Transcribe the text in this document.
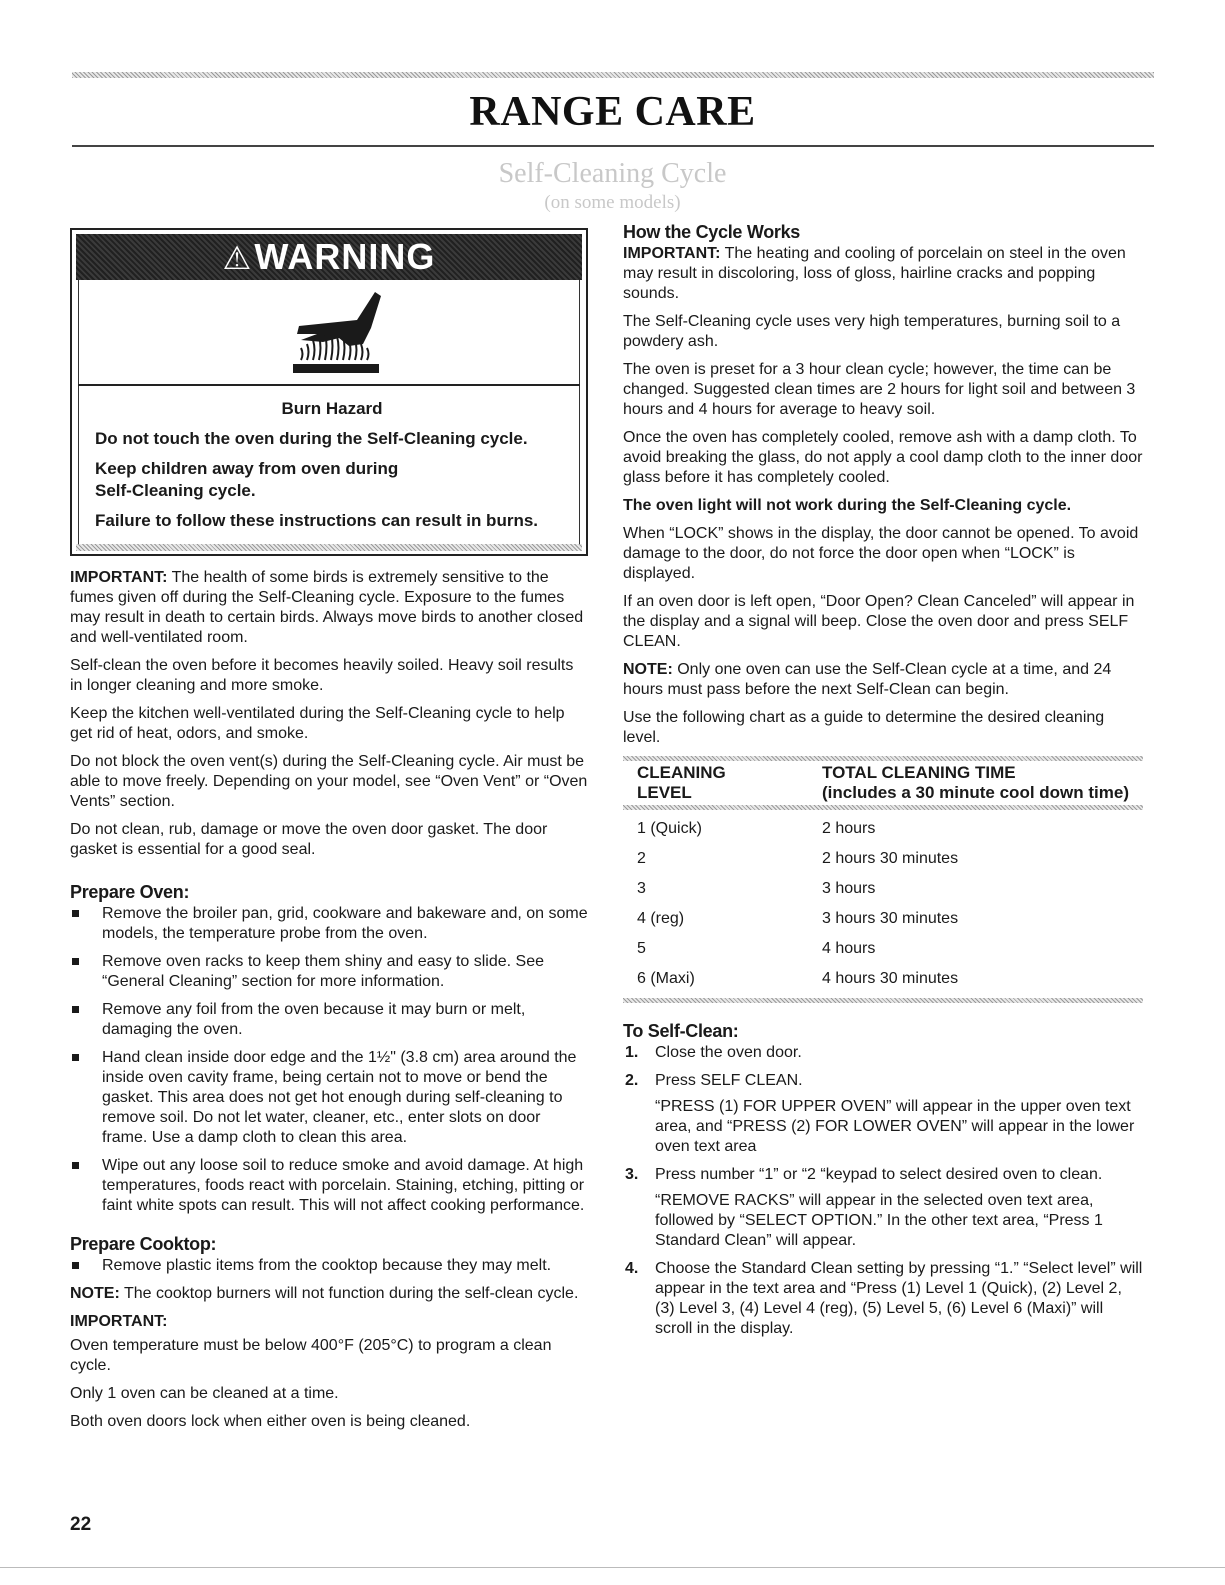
RANGE CARE
Self-Cleaning Cycle
(on some models)
⚠WARNING
Burn Hazard

Do not touch the oven during the Self-Cleaning cycle.

Keep children away from oven during Self-Cleaning cycle.

Failure to follow these instructions can result in burns.

IMPORTANT: The health of some birds is extremely sensitive to the fumes given off during the Self-Cleaning cycle. Exposure to the fumes may result in death to certain birds. Always move birds to another closed and well-ventilated room.

Self-clean the oven before it becomes heavily soiled. Heavy soil results in longer cleaning and more smoke.

Keep the kitchen well-ventilated during the Self-Cleaning cycle to help get rid of heat, odors, and smoke.

Do not block the oven vent(s) during the Self-Cleaning cycle. Air must be able to move freely. Depending on your model, see “Oven Vent” or “Oven Vents” section.

Do not clean, rub, damage or move the oven door gasket. The door gasket is essential for a good seal.

Prepare Oven:
Remove the broiler pan, grid, cookware and bakeware and, on some models, the temperature probe from the oven.
Remove oven racks to keep them shiny and easy to slide. See “General Cleaning” section for more information.
Remove any foil from the oven because it may burn or melt, damaging the oven.
Hand clean inside door edge and the 1½" (3.8 cm) area around the inside oven cavity frame, being certain not to move or bend the gasket. This area does not get hot enough during self-cleaning to remove soil. Do not let water, cleaner, etc., enter slots on door frame. Use a damp cloth to clean this area.
Wipe out any loose soil to reduce smoke and avoid damage. At high temperatures, foods react with porcelain. Staining, etching, pitting or faint white spots can result. This will not affect cooking performance.
Prepare Cooktop:
Remove plastic items from the cooktop because they may melt.

NOTE: The cooktop burners will not function during the self-clean cycle.

IMPORTANT:

Oven temperature must be below 400°F (205°C) to program a clean cycle.

Only 1 oven can be cleaned at a time.

Both oven doors lock when either oven is being cleaned.

How the Cycle Works

IMPORTANT: The heating and cooling of porcelain on steel in the oven may result in discoloring, loss of gloss, hairline cracks and popping sounds.

The Self-Cleaning cycle uses very high temperatures, burning soil to a powdery ash.

The oven is preset for a 3 hour clean cycle; however, the time can be changed. Suggested clean times are 2 hours for light soil and between 3 hours and 4 hours for average to heavy soil.

Once the oven has completely cooled, remove ash with a damp cloth. To avoid breaking the glass, do not apply a cool damp cloth to the inner door glass before it has completely cooled.

The oven light will not work during the Self-Cleaning cycle.

When “LOCK” shows in the display, the door cannot be opened. To avoid damage to the door, do not force the door open when “LOCK” is displayed.

If an oven door is left open, “Door Open? Clean Canceled” will appear in the display and a signal will beep. Close the oven door and press SELF CLEAN.

NOTE: Only one oven can use the Self-Clean cycle at a time, and 24 hours must pass before the next Self-Clean can begin.

Use the following chart as a guide to determine the desired cleaning level.

CLEANING
LEVEL
TOTAL CLEANING TIME
(includes a 30 minute cool down time)
1 (Quick)	2 hours
2	2 hours 30 minutes
3	3 hours
4 (reg)	3 hours 30 minutes
5	4 hours
6 (Maxi)	4 hours 30 minutes
To Self-Clean:
1. Close the oven door.

2. Press SELF CLEAN.

“PRESS (1) FOR UPPER OVEN” will appear in the upper oven text area, and “PRESS (2) FOR LOWER OVEN” will appear in the lower oven text area

3. Press number “1” or “2 “keypad to select desired oven to clean.

“REMOVE RACKS” will appear in the selected oven text area, followed by “SELECT OPTION.” In the other text area, “Press 1 Standard Clean” will appear.

4. Choose the Standard Clean setting by pressing “1.” “Select level” will appear in the text area and “Press (1) Level 1 (Quick), (2) Level 2, (3) Level 3, (4) Level 4 (reg), (5) Level 5, (6) Level 6 (Maxi)” will scroll in the display.

22
